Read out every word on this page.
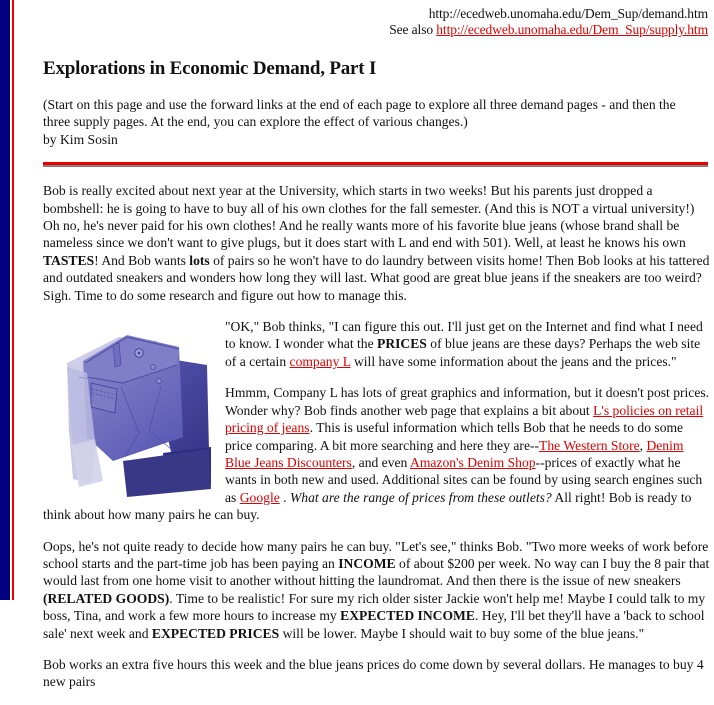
http://ecedweb.unomaha.edu/Dem_Sup/demand.htm
See also http://ecedweb.unomaha.edu/Dem_Sup/supply.htm
Explorations in Economic Demand, Part I
(Start on this page and use the forward links at the end of each page to explore all three demand pages - and then the three supply pages. At the end, you can explore the effect of various changes.)
by Kim Sosin

Bob is really excited about next year at the University, which starts in two weeks! But his parents just dropped a bombshell: he is going to have to buy all of his own clothes for the fall semester. (And this is NOT a virtual university!) Oh no, he's never paid for his own clothes! And he really wants more of his favorite blue jeans (whose brand shall be nameless since we don't want to give plugs, but it does start with L and end with 501). Well, at least he knows his own TASTES! And Bob wants lots of pairs so he won't have to do laundry between visits home! Then Bob looks at his tattered and outdated sneakers and wonders how long they will last. What good are great blue jeans if the sneakers are too weird? Sigh. Time to do some research and figure out how to manage this.

"OK," Bob thinks, "I can figure this out. I'll just get on the Internet and find what I need to know. I wonder what the PRICES of blue jeans are these days? Perhaps the web site of a certain company L will have some information about the jeans and the prices."

Hmmm, Company L has lots of great graphics and information, but it doesn't post prices. Wonder why? Bob finds another web page that explains a bit about L's policies on retail pricing of jeans. This is useful information which tells Bob that he needs to do some price comparing. A bit more searching and here they are--The Western Store, Denim Blue Jeans Discounters, and even Amazon's Denim Shop--prices of exactly what he wants in both new and used. Additional sites can be found by using search engines such as Google . What are the range of prices from these outlets? All right! Bob is ready to think about how many pairs he can buy.

Oops, he's not quite ready to decide how many pairs he can buy. "Let's see," thinks Bob. "Two more weeks of work before school starts and the part-time job has been paying an INCOME of about $200 per week. No way can I buy the 8 pair that would last from one home visit to another without hitting the laundromat. And then there is the issue of new sneakers (RELATED GOODS). Time to be realistic! For sure my rich older sister Jackie won't help me! Maybe I could talk to my boss, Tina, and work a few more hours to increase my EXPECTED INCOME. Hey, I'll bet they'll have a 'back to school sale' next week and EXPECTED PRICES will be lower. Maybe I should wait to buy some of the blue jeans."

Bob works an extra five hours this week and the blue jeans prices do come down by several dollars. He manages to buy 4 new pairs
